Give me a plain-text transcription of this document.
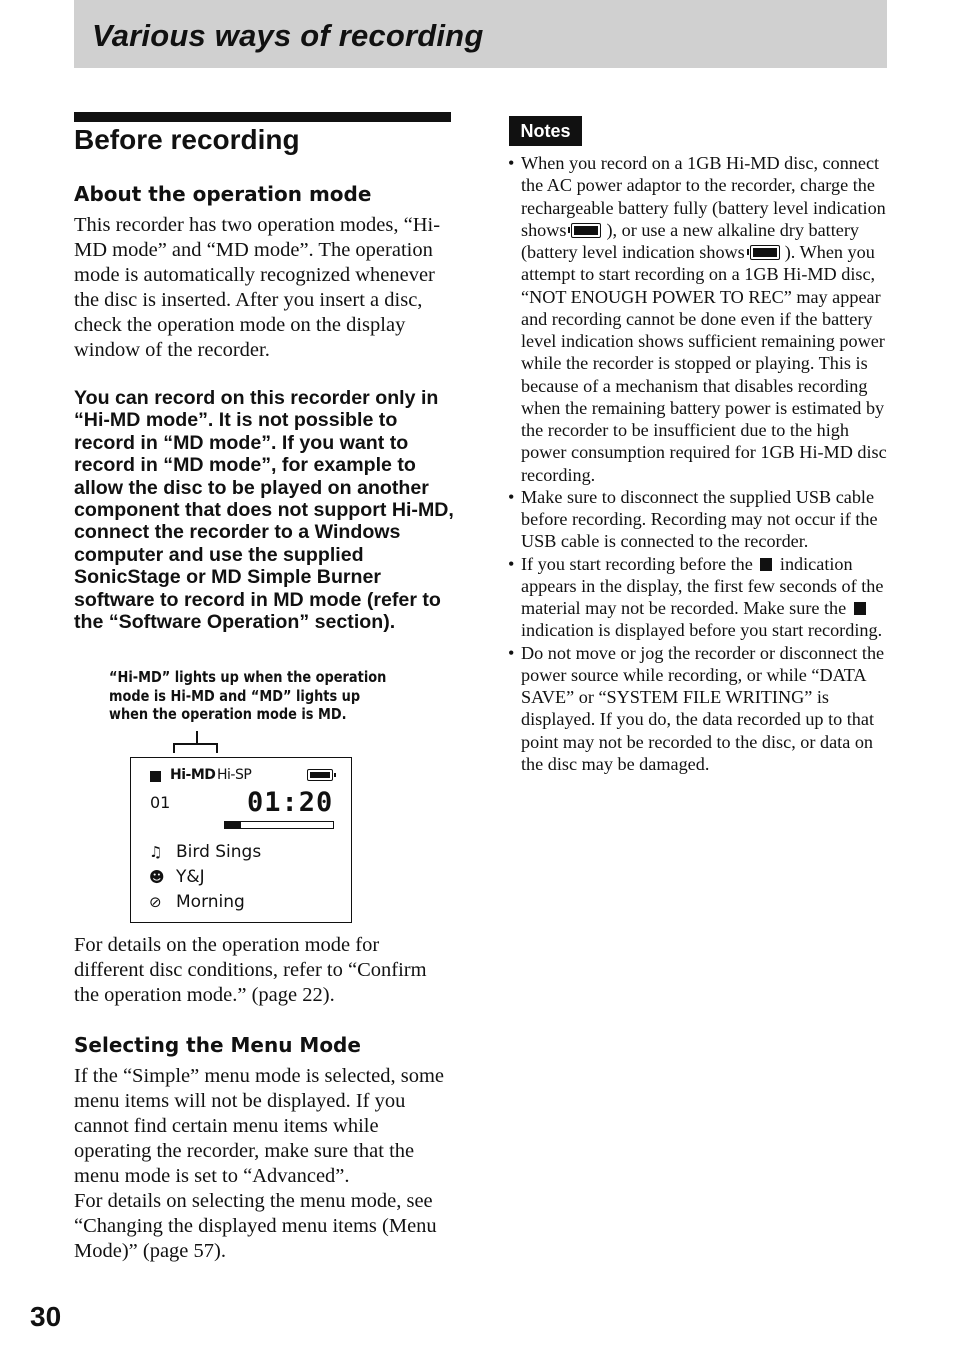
Various ways of recording
Before recording
About the operation mode
This recorder has two operation modes, “Hi-MD mode” and “MD mode”. The operation mode is automatically recognized whenever the disc is inserted. After you insert a disc, check the operation mode on the display window of the recorder.
You can record on this recorder only in “Hi-MD mode”. It is not possible to record in “MD mode”. If you want to record in “MD mode”, for example to allow the disc to be played on another component that does not support Hi-MD, connect the recorder to a Windows computer and use the supplied SonicStage or MD Simple Burner software to record in MD mode (refer to the “Software Operation” section).
“Hi-MD” lights up when the operation
mode is Hi-MD and “MD” lights up
when the operation mode is MD.
Hi-MD Hi-SP
01	01:20
♫ Bird Sings
☻ Y&J
⊘ Morning
For details on the operation mode for different disc conditions, refer to “Confirm the operation mode.” (page 22).
Selecting the Menu Mode
If the “Simple” menu mode is selected, some menu items will not be displayed. If you cannot find certain menu items while operating the recorder, make sure that the menu mode is set to “Advanced”.
For details on selecting the menu mode, see “Changing the displayed menu items (Menu Mode)” (page 57).
Notes
• When you record on a 1GB Hi-MD disc, connect the AC power adaptor to the recorder, charge the rechargeable battery fully (battery level indication shows ), or use a new alkaline dry battery (battery level indication shows ). When you attempt to start recording on a 1GB Hi-MD disc, “NOT ENOUGH POWER TO REC” may appear and recording cannot be done even if the battery level indication shows sufficient remaining power while the recorder is stopped or playing. This is because of a mechanism that disables recording when the remaining battery power is estimated by the recorder to be insufficient due to the high power consumption required for 1GB Hi-MD disc recording.
• Make sure to disconnect the supplied USB cable before recording. Recording may not occur if the USB cable is connected to the recorder.
• If you start recording before the indication appears in the display, the first few seconds of the material may not be recorded. Make sure the  indication is displayed before you start recording.
• Do not move or jog the recorder or disconnect the power source while recording, or while “DATA SAVE” or “SYSTEM FILE WRITING” is displayed. If you do, the data recorded up to that point may not be recorded to the disc, or data on the disc may be damaged.
30
